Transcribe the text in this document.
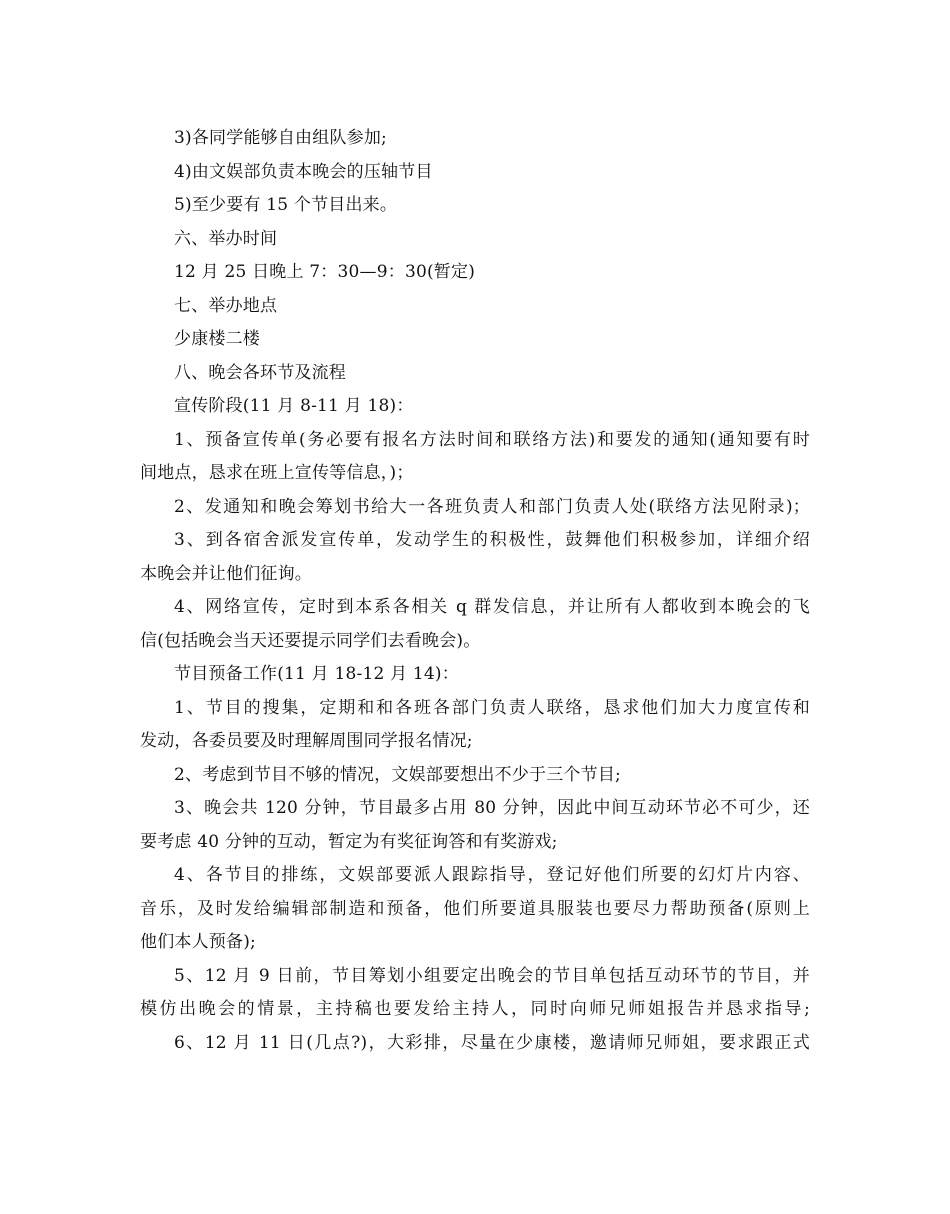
3)各同学能够自由组队参加;
4)由文娱部负责本晚会的压轴节目
5)至少要有 15 个节目出来。
六、举办时间
12 月 25 日晚上 7：30—9：30(暂定)
七、举办地点
少康楼二楼
八、晚会各环节及流程
宣传阶段(11 月 8-11 月 18)：
1、预备宣传单(务必要有报名方法时间和联络方法)和要发的通知(通知要有时
间地点，恳求在班上宣传等信息，)；
2、发通知和晚会筹划书给大一各班负责人和部门负责人处(联络方法见附录)；
3、到各宿舍派发宣传单，发动学生的积极性，鼓舞他们积极参加，详细介绍
本晚会并让他们征询。
4、网络宣传，定时到本系各相关 q 群发信息，并让所有人都收到本晚会的飞
信(包括晚会当天还要提示同学们去看晚会)。
节目预备工作(11 月 18-12 月 14)：
1、节目的搜集，定期和和各班各部门负责人联络，恳求他们加大力度宣传和
发动，各委员要及时理解周围同学报名情况;
2、考虑到节目不够的情况，文娱部要想出不少于三个节目;
3、晚会共 120 分钟，节目最多占用 80 分钟，因此中间互动环节必不可少，还
要考虑 40 分钟的互动，暂定为有奖征询答和有奖游戏;
4、各节目的排练，文娱部要派人跟踪指导，登记好他们所要的幻灯片内容、
音乐，及时发给编辑部制造和预备，他们所要道具服装也要尽力帮助预备(原则上
他们本人预备);
5、12 月 9 日前，节目筹划小组要定出晚会的节目单包括互动环节的节目，并
模仿出晚会的情景，主持稿也要发给主持人，同时向师兄师姐报告并恳求指导;
6、12 月 11 日(几点?)，大彩排，尽量在少康楼，邀请师兄师姐，要求跟正式
